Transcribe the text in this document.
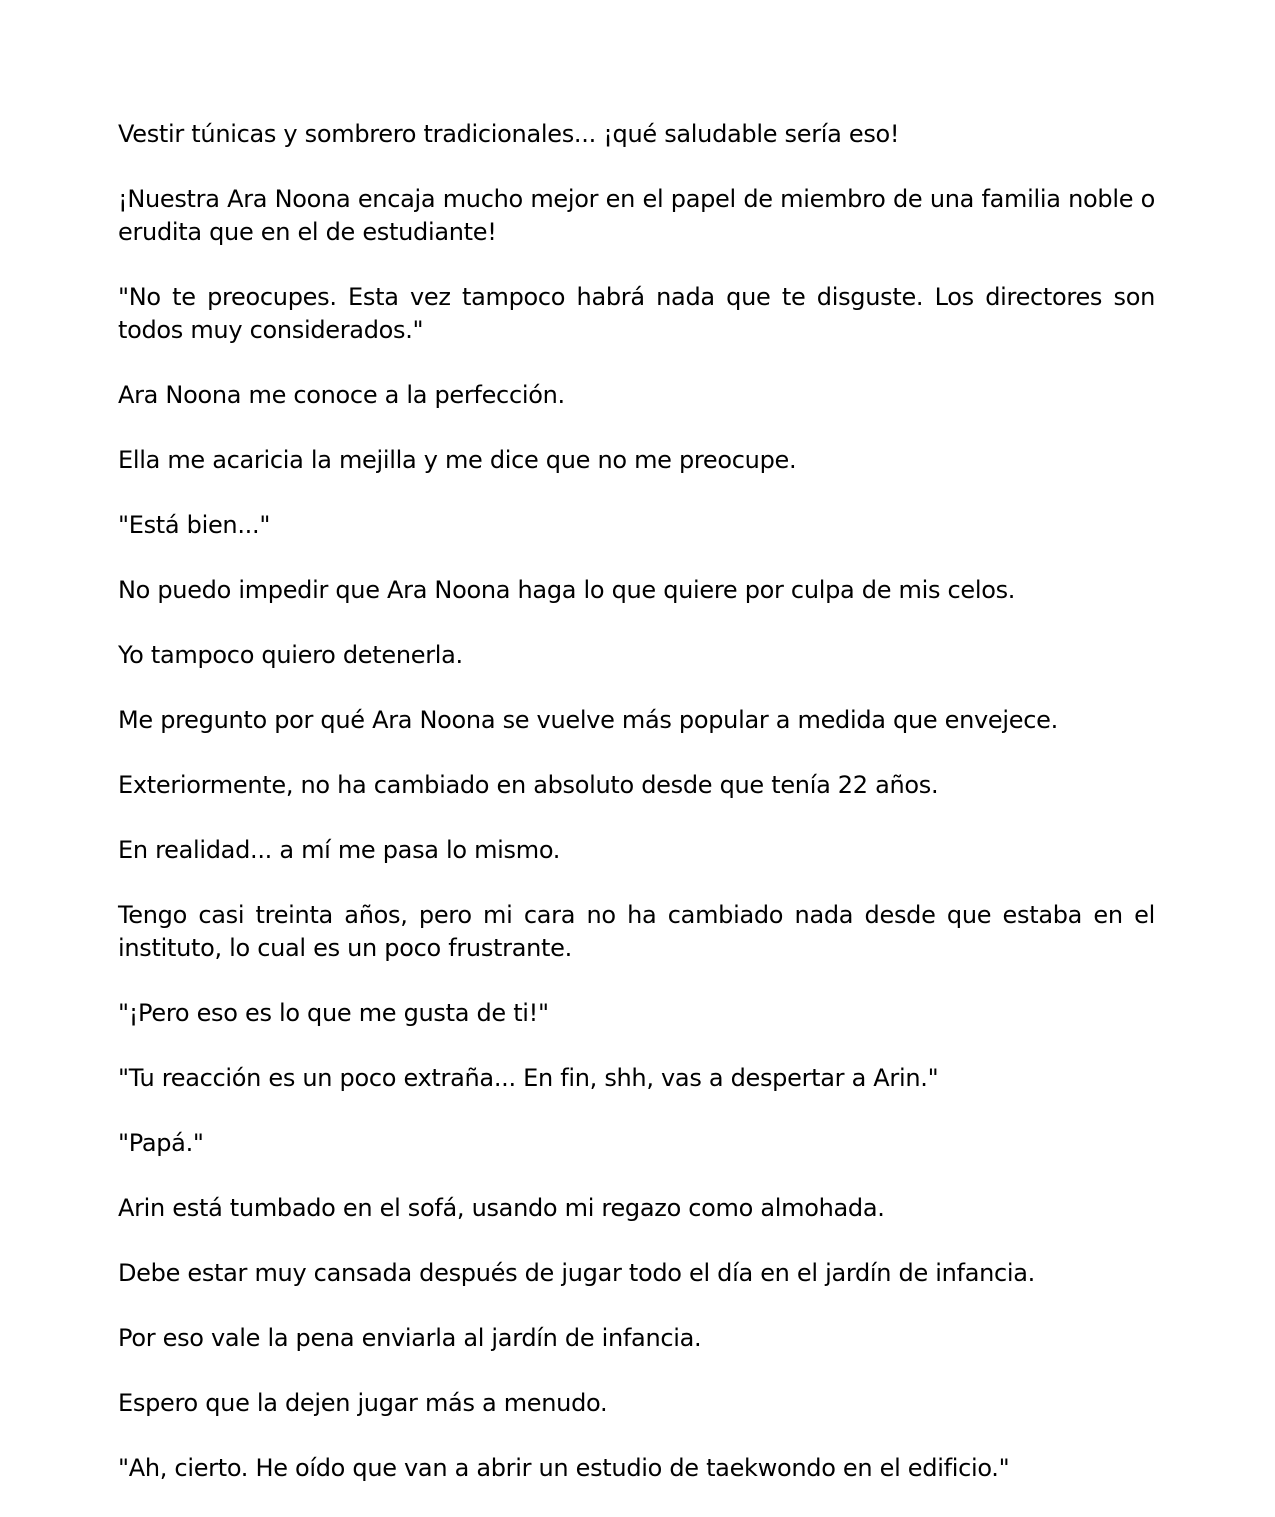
Vestir túnicas y sombrero tradicionales... ¡qué saludable sería eso!

¡Nuestra Ara Noona encaja mucho mejor en el papel de miembro de una familia noble o erudita que en el de estudiante!

"No te preocupes. Esta vez tampoco habrá nada que te disguste. Los directores son todos muy considerados."

Ara Noona me conoce a la perfección.

Ella me acaricia la mejilla y me dice que no me preocupe.

"Está bien..."

No puedo impedir que Ara Noona haga lo que quiere por culpa de mis celos.

Yo tampoco quiero detenerla.

Me pregunto por qué Ara Noona se vuelve más popular a medida que envejece.

Exteriormente, no ha cambiado en absoluto desde que tenía 22 años.

En realidad... a mí me pasa lo mismo.

Tengo casi treinta años, pero mi cara no ha cambiado nada desde que estaba en el instituto, lo cual es un poco frustrante.

"¡Pero eso es lo que me gusta de ti!"

"Tu reacción es un poco extraña... En fin, shh, vas a despertar a Arin."

"Papá."

Arin está tumbado en el sofá, usando mi regazo como almohada.

Debe estar muy cansada después de jugar todo el día en el jardín de infancia.

Por eso vale la pena enviarla al jardín de infancia.

Espero que la dejen jugar más a menudo.

"Ah, cierto. He oído que van a abrir un estudio de taekwondo en el edificio."
